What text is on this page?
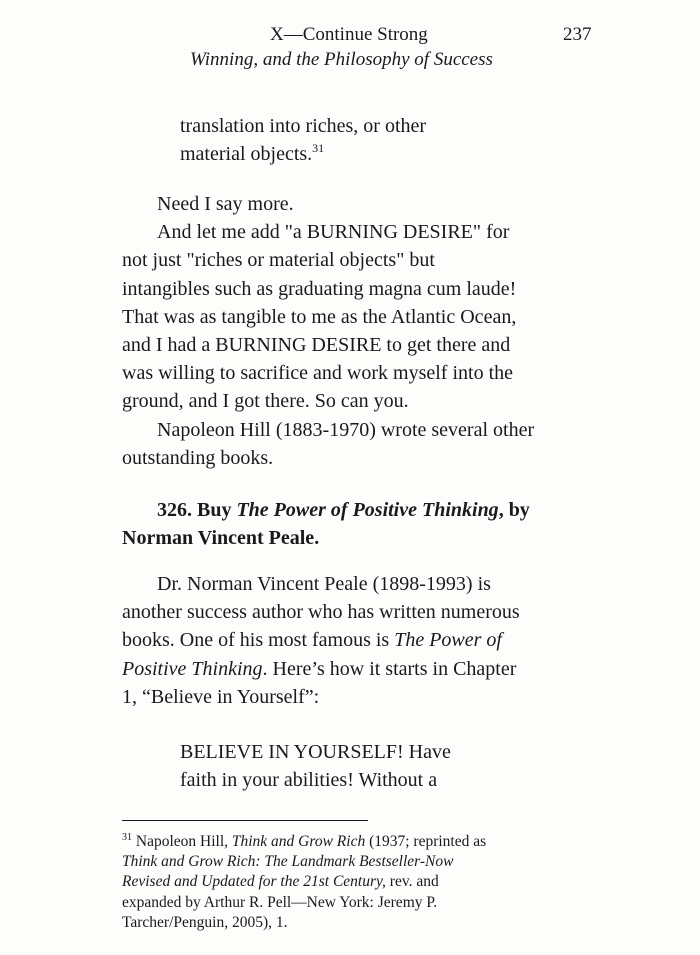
X—Continue Strong	237
Winning, and the Philosophy of Success
translation into riches, or other
material objects.$^{31}$

Need I say more.

And let me add "a BURNING DESIRE" for
not just "riches or material objects" but
intangibles such as graduating magna cum laude!
That was as tangible to me as the Atlantic Ocean,
and I had a BURNING DESIRE to get there and
was willing to sacrifice and work myself into the
ground, and I got there. So can you.

Napoleon Hill (1883-1970) wrote several other
outstanding books.

326. Buy The Power of Positive Thinking, by
Norman Vincent Peale.
Dr. Norman Vincent Peale (1898-1993) is
another success author who has written numerous
books. One of his most famous is The Power of
Positive Thinking. Here’s how it starts in Chapter
1, “Believe in Yourself”:
BELIEVE IN YOURSELF! Have
faith in your abilities! Without a
$^{31}$ Napoleon Hill, Think and Grow Rich (1937; reprinted as
Think and Grow Rich: The Landmark Bestseller-Now
Revised and Updated for the 21st Century, rev. and
expanded by Arthur R. Pell—New York: Jeremy P.
Tarcher/Penguin, 2005), 1.
